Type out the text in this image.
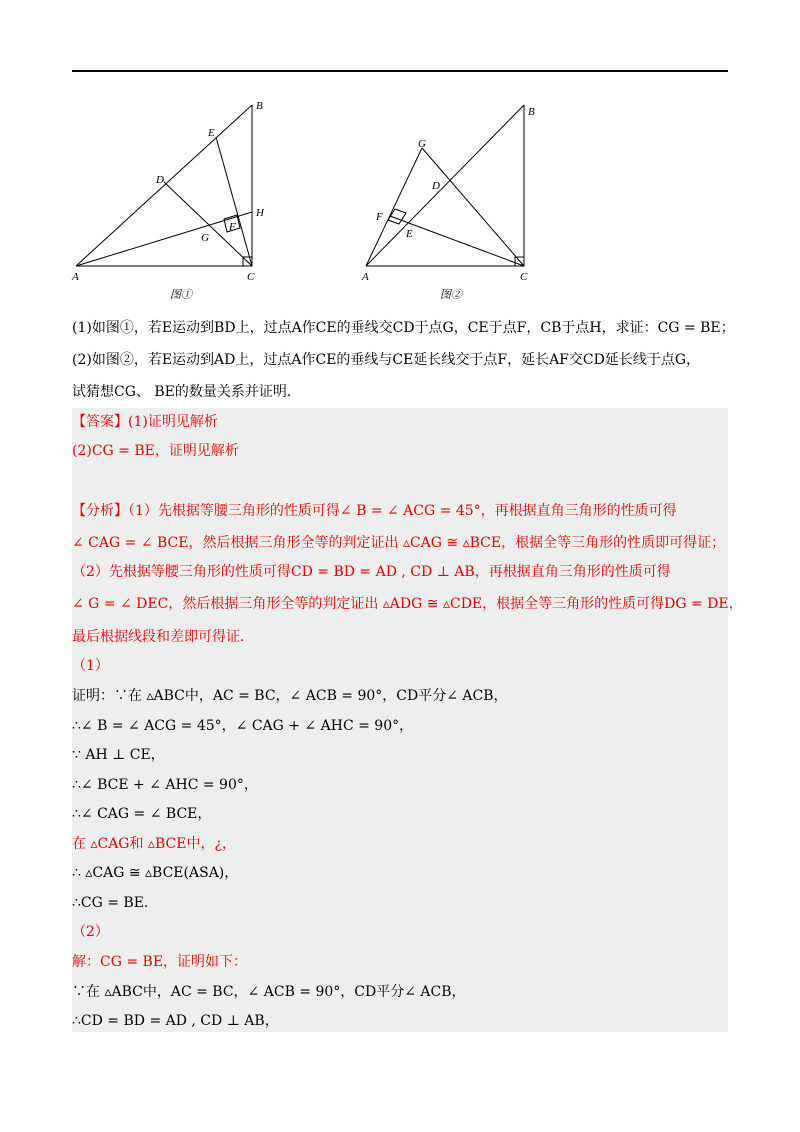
A
B
C
D
E
F
G
H
图①
A
B
C
D
E
F
G
图②
(1)如图①，若E运动到BD上，过点A作CE的垂线交CD于点G，CE于点F，CB于点H，求证：CG = BE；
(2)如图②，若E运动到AD上，过点A作CE的垂线与CE延长线交于点F，延长AF交CD延长线于点G，
试猜想CG、 BE的数量关系并证明．
【答案】(1)证明见解析
(2)CG = BE，证明见解析
【分析】（1）先根据等腰三角形的性质可得∠ B = ∠ ACG = 45°，再根据直角三角形的性质可得
∠ CAG = ∠ BCE，然后根据三角形全等的判定证出 ▵CAG ≅ ▵BCE，根据全等三角形的性质即可得证；
（2）先根据等腰三角形的性质可得CD = BD = AD , CD ⊥ AB，再根据直角三角形的性质可得
∠ G = ∠ DEC，然后根据三角形全等的判定证出 ▵ADG ≅ ▵CDE，根据全等三角形的性质可得DG = DE，
最后根据线段和差即可得证．
（1）
证明：∵在 ▵ABC中，AC = BC，∠ ACB = 90°，CD平分∠ ACB，
∴∠ B = ∠ ACG = 45°，∠ CAG + ∠ AHC = 90°，
∵ AH ⊥ CE，
∴∠ BCE + ∠ AHC = 90°，
∴∠ CAG = ∠ BCE，
在 ▵CAG和 ▵BCE中，¿，
∴ ▵CAG ≅ ▵BCE(ASA)，
∴CG = BE．
（2）
解：CG = BE，证明如下：
∵在 ▵ABC中，AC = BC，∠ ACB = 90°，CD平分∠ ACB，
∴CD = BD = AD , CD ⊥ AB，
